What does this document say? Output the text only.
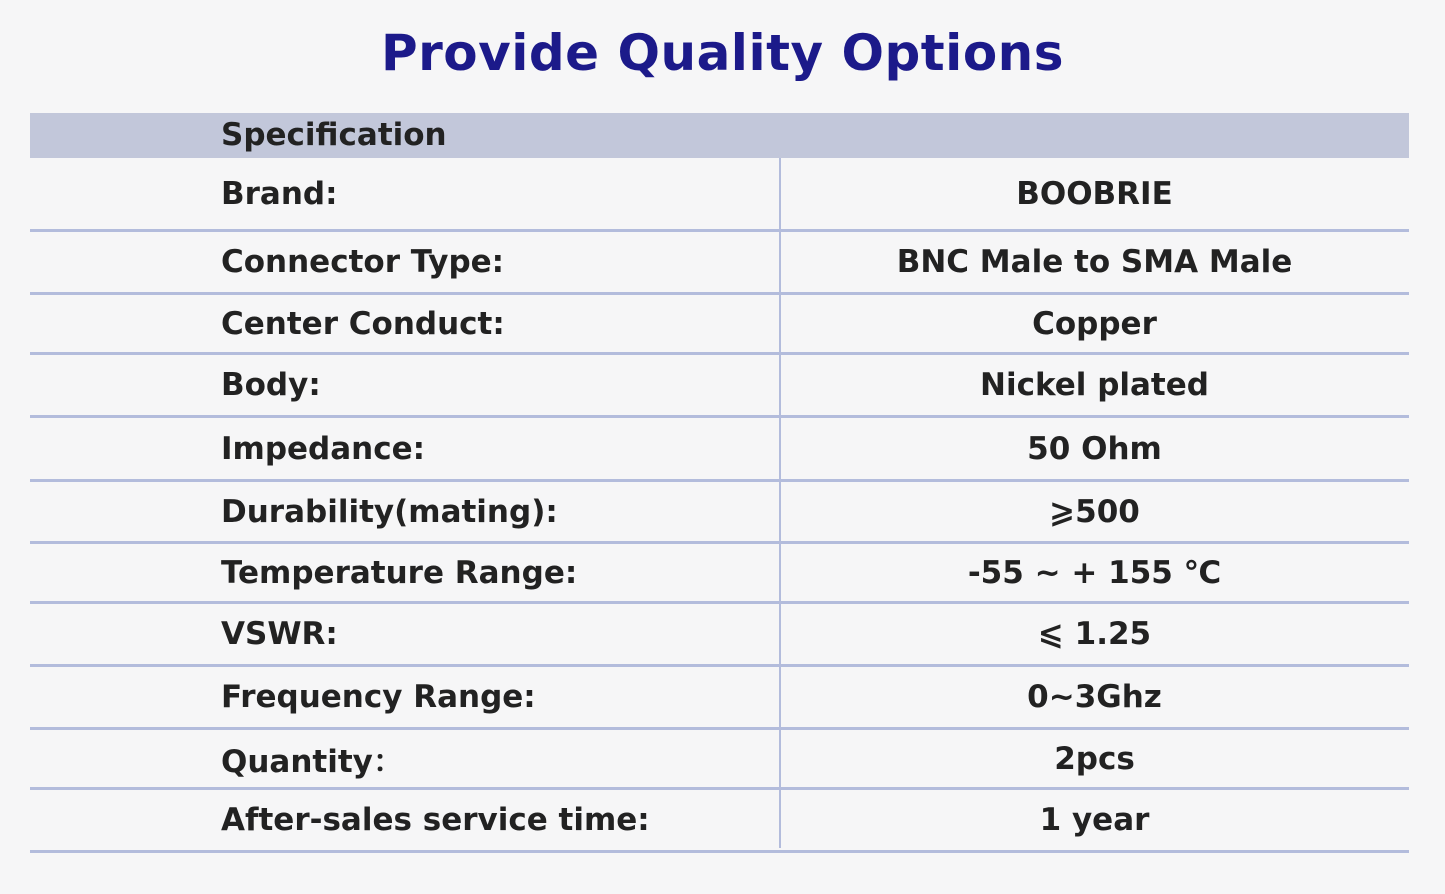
Provide Quality Options
Specification
Brand:	BOOBRIE
Connector Type:	BNC Male to SMA Male
Center Conduct:	Copper
Body:	Nickel plated
Impedance:	50 Ohm
Durability(mating):	⩾500
Temperature Range:	-55 ~ + 155 ℃
VSWR:	⩽ 1.25
Frequency Range:	0~3Ghz
Quantity：	2pcs
After-sales service time:	1 year
